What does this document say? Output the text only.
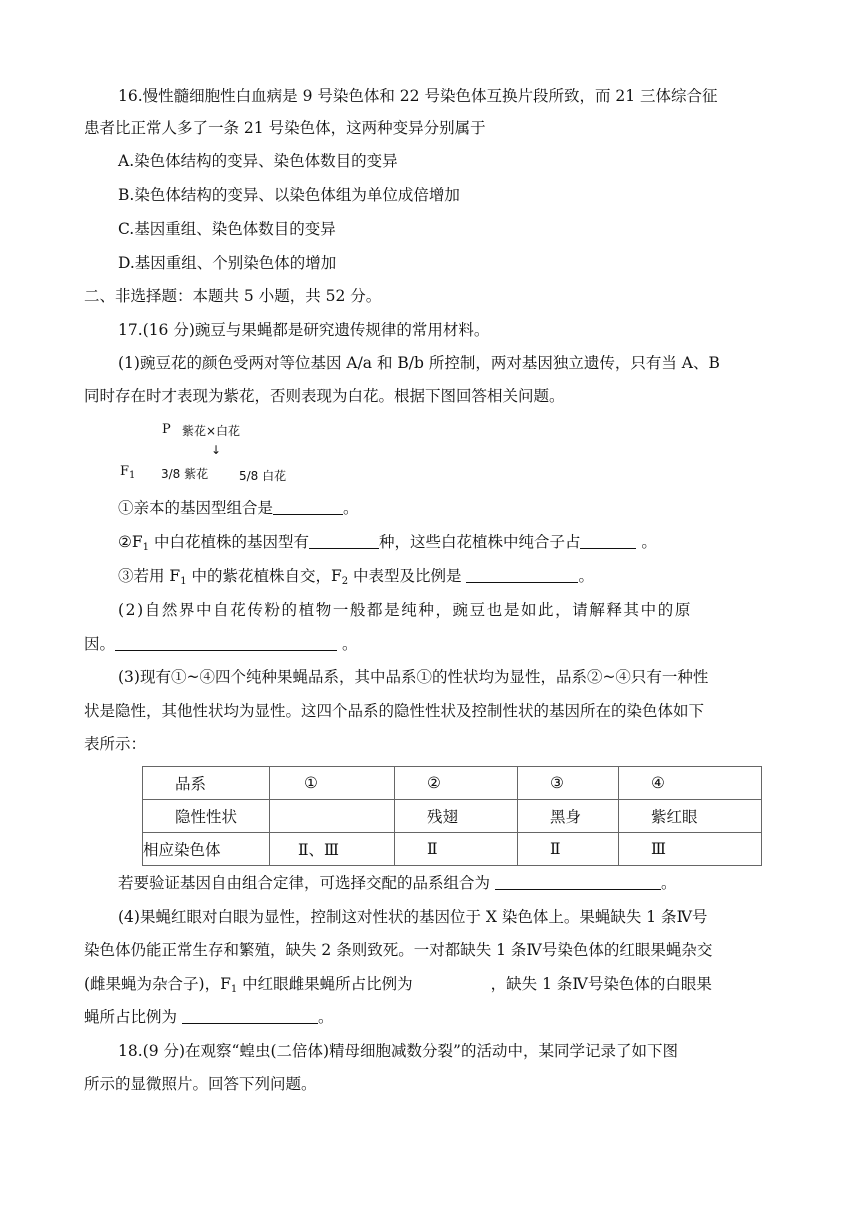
16.慢性髓细胞性白血病是 9 号染色体和 22 号染色体互换片段所致，而 21 三体综合征
患者比正常人多了一条 21 号染色体，这两种变异分别属于
A.染色体结构的变异、染色体数目的变异
B.染色体结构的变异、以染色体组为单位成倍增加
C.基因重组、染色体数目的变异
D.基因重组、个别染色体的增加
二、非选择题：本题共 5 小题，共 52 分。
17.(16 分)豌豆与果蝇都是研究遗传规律的常用材料。
(1)豌豆花的颜色受两对等位基因 A/a 和 B/b 所控制，两对基因独立遗传，只有当 A、B
同时存在时才表现为紫花，否则表现为白花。根据下图回答相关问题。
P 紫花×白花
↓
$F_1$ 3/8 紫花	5/8 白花
①亲本的基因型组合是	。
$②F_1$ 中白花植株的基因型有	种，这些白花植株中纯合子占	。
③若用 $F_1$ 中的紫花植株自交，$F_2$ 中表型及比例是	。
(2)自然界中自花传粉的植物一般都是纯种，豌豆也是如此，请解释其中的原
因。	。
(3)现有①~④四个纯种果蝇品系，其中品系①的性状均为显性，品系②~④只有一种性
状是隐性，其他性状均为显性。这四个品系的隐性性状及控制性状的基因所在的染色体如下
表所示：
品系	①	②	③	④

隐性性状		残翅	黑身	紫红眼

相应染色体	Ⅱ、Ⅲ	Ⅱ	Ⅱ	Ⅲ
若要验证基因自由组合定律，可选择交配的品系组合为	。
(4)果蝇红眼对白眼为显性，控制这对性状的基因位于 X 染色体上。果蝇缺失 1 条Ⅳ号
染色体仍能正常生存和繁殖，缺失 2 条则致死。一对都缺失 1 条Ⅳ号染色体的红眼果蝇杂交
(雌果蝇为杂合子)，$F_1$ 中红眼雌果蝇所占比例为	，缺失 1 条Ⅳ号染色体的白眼果
蝇所占比例为	。
18.(9 分)在观察“蝗虫(二倍体)精母细胞减数分裂”的活动中，某同学记录了如下图
所示的显微照片。回答下列问题。
